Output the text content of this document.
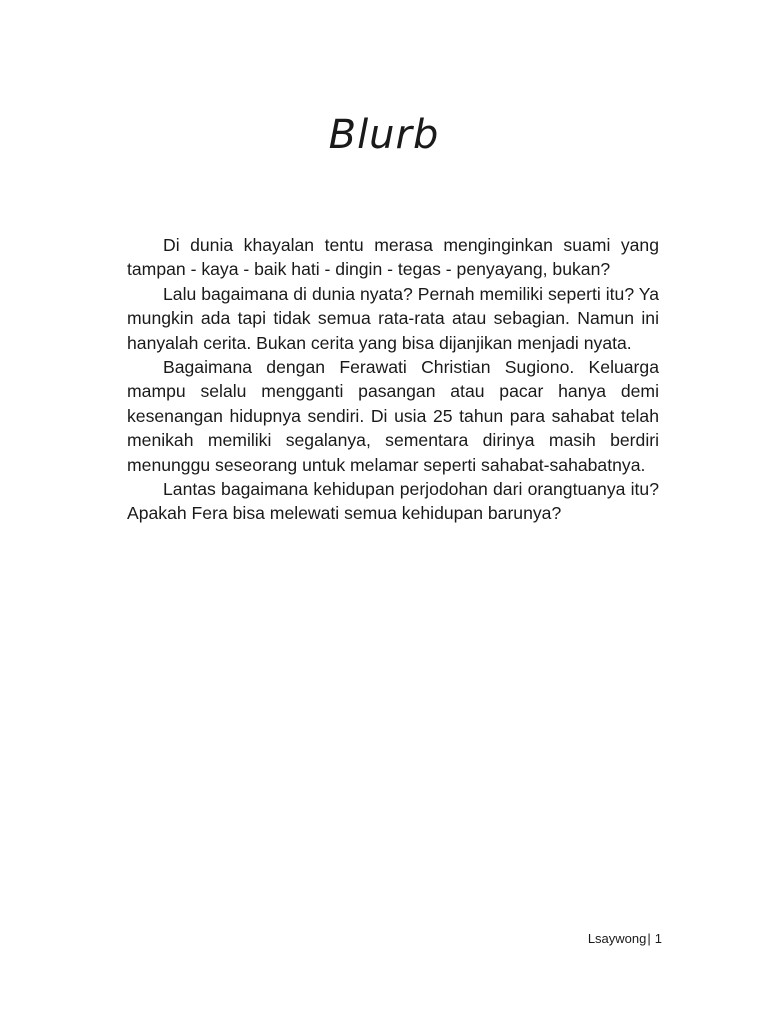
Blurb

Di dunia khayalan tentu merasa menginginkan suami yang tampan - kaya - baik hati - dingin - tegas - penyayang, bukan?

Lalu bagaimana di dunia nyata? Pernah memiliki seperti itu? Ya mungkin ada tapi tidak semua rata-rata atau sebagian. Namun ini hanyalah cerita. Bukan cerita yang bisa dijanjikan menjadi nyata.

Bagaimana dengan Ferawati Christian Sugiono. Keluarga mampu selalu mengganti pasangan atau pacar hanya demi kesenangan hidupnya sendiri. Di usia 25 tahun para sahabat telah menikah memiliki segalanya, sementara dirinya masih berdiri menunggu seseorang untuk melamar seperti sahabat-sahabatnya.

Lantas bagaimana kehidupan perjodohan dari orangtuanya itu? Apakah Fera bisa melewati semua kehidupan barunya?

Lsaywong| 1
